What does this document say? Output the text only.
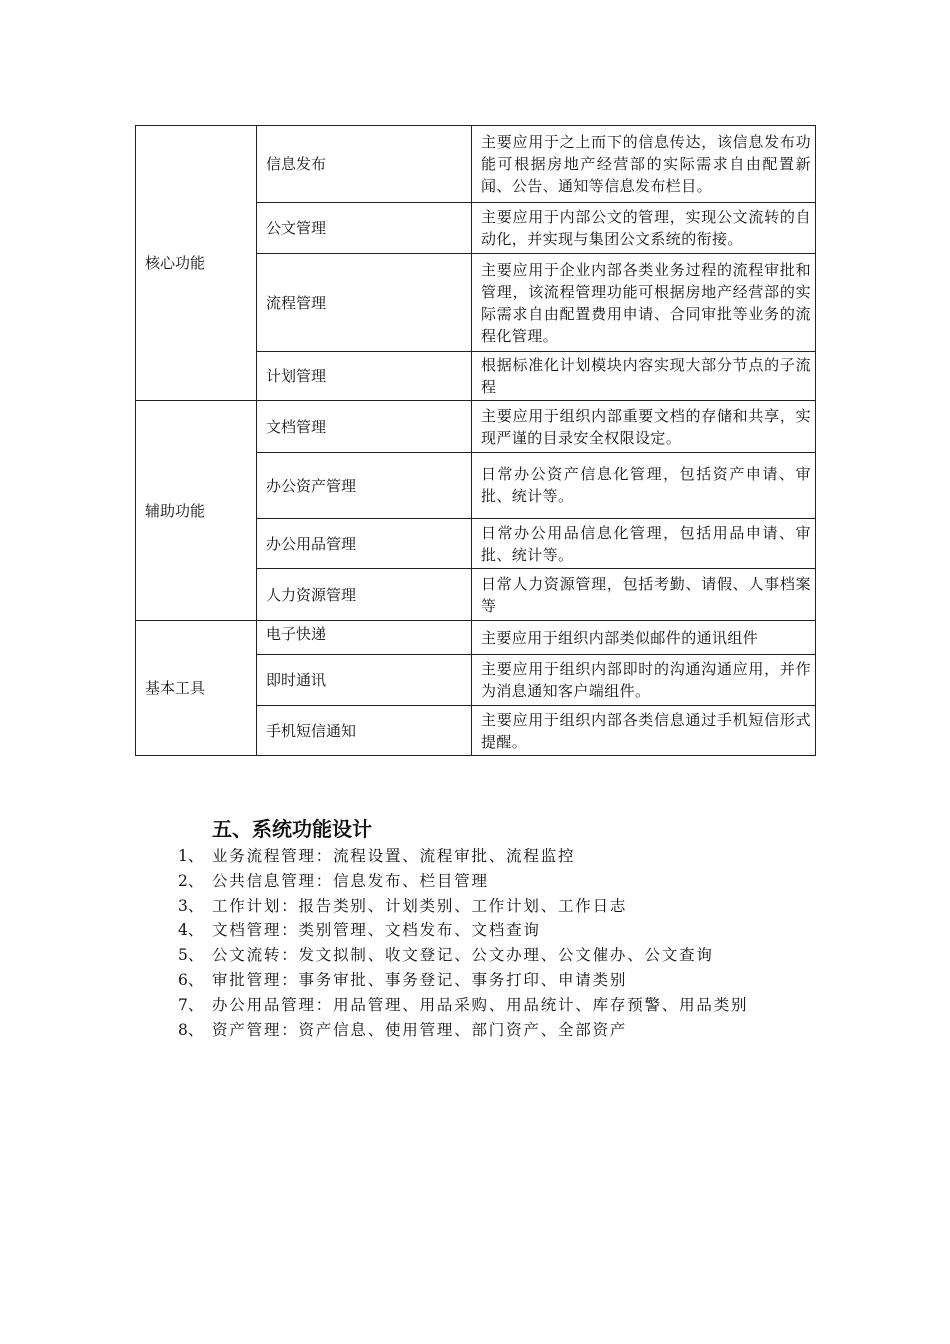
核心功能	信息发布	主要应用于之上而下的信息传达，该信息发布功能可根据房地产经营部的实际需求自由配置新闻、公告、通知等信息发布栏目。
	公文管理	主要应用于内部公文的管理，实现公文流转的自动化，并实现与集团公文系统的衔接。
	流程管理	主要应用于企业内部各类业务过程的流程审批和管理，该流程管理功能可根据房地产经营部的实际需求自由配置费用申请、合同审批等业务的流程化管理。
	计划管理	根据标准化计划模块内容实现大部分节点的子流程
辅助功能	文档管理	主要应用于组织内部重要文档的存储和共享，实现严谨的目录安全权限设定。
	办公资产管理	日常办公资产信息化管理，包括资产申请、审批、统计等。
	办公用品管理	日常办公用品信息化管理，包括用品申请、审批、统计等。
	人力资源管理	日常人力资源管理，包括考勤、请假、人事档案等
基本工具	电子快递	主要应用于组织内部类似邮件的通讯组件
	即时通讯	主要应用于组织内部即时的沟通沟通应用，并作为消息通知客户端组件。
	手机短信通知	主要应用于组织内部各类信息通过手机短信形式提醒。
五、系统功能设计
1、 业务流程管理：流程设置、流程审批、流程监控
2、 公共信息管理：信息发布、栏目管理
3、 工作计划：报告类别、计划类别、工作计划、工作日志
4、 文档管理：类别管理、文档发布、文档查询
5、 公文流转：发文拟制、收文登记、公文办理、公文催办、公文查询
6、 审批管理：事务审批、事务登记、事务打印、申请类别
7、 办公用品管理：用品管理、用品采购、用品统计、库存预警、用品类别
8、 资产管理：资产信息、使用管理、部门资产、全部资产
